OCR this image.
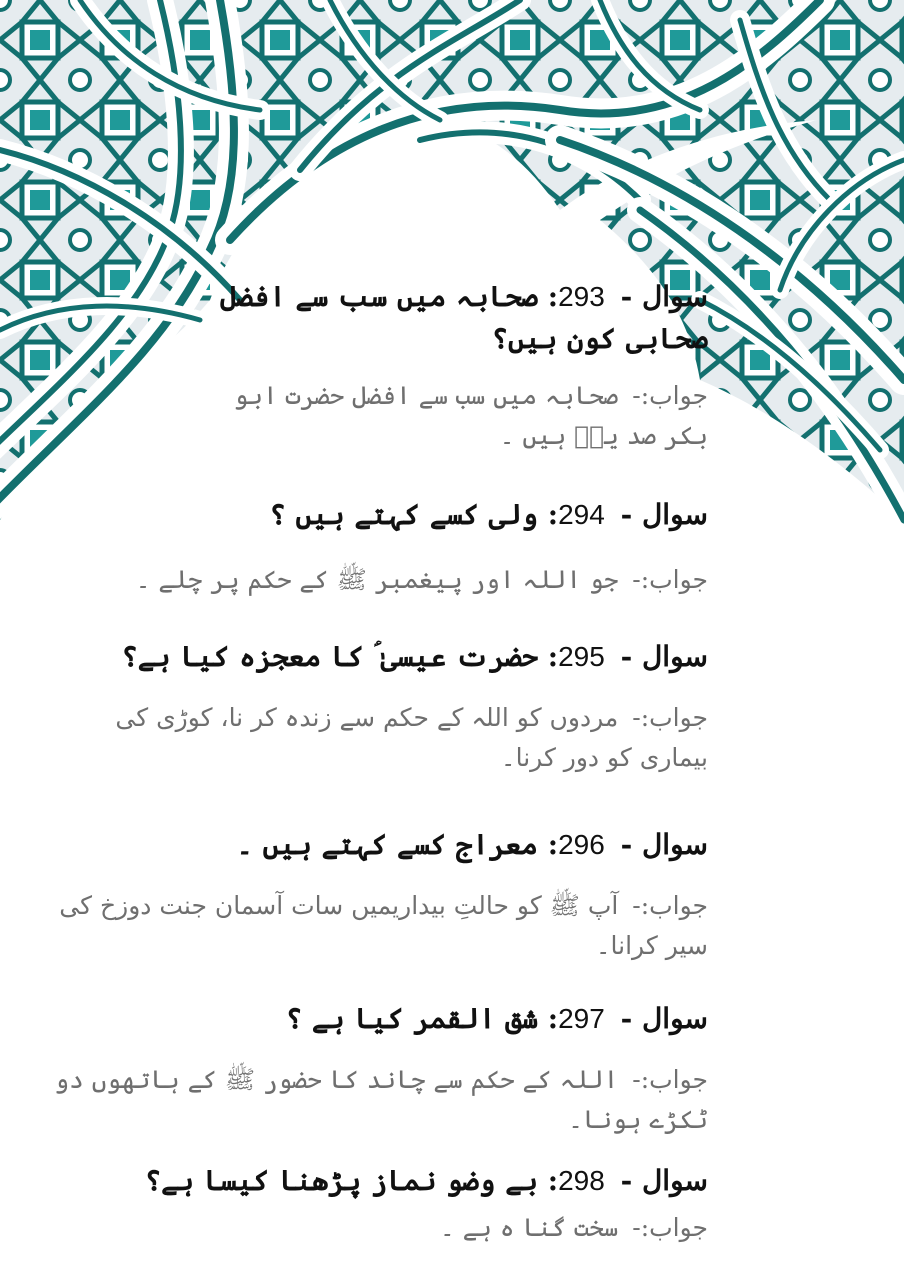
سوال - 293: صحابہ میں سب سے افضل صحابی کون ہیں؟
جواب:- صحابہ میں سب سے افضل حضرت ابو بکر صد یقؓ ہیں ۔
سوال - 294: ولی کسے کہتے ہیں ؟
جواب:- جو اللہ اور پیغمبر ﷺ کے حکم پر چلے ۔
سوال - 295: حضرت عیسیٰ ؑ کا معجزہ کیا ہے؟
جواب:- مردوں کو اللہ کے حکم سے زندہ کر نا، کوڑی کی بیماری کو دور کرنا۔
سوال - 296: معراج کسے کہتے ہیں ۔
جواب:- آپ ﷺ کو حالتِ بیداریمیں سات آسمان جنت دوزخ کی سیر کرانا۔
سوال - 297: شق القمر کیا ہے ؟
جواب:- اللہ کے حکم سے چاند کا حضور ﷺ کے ہاتھوں دو ٹکڑے ہونا۔
سوال - 298: بے وضو نماز پڑھنا کیسا ہے؟
جواب:- سخت گنا ہ ہے ۔
